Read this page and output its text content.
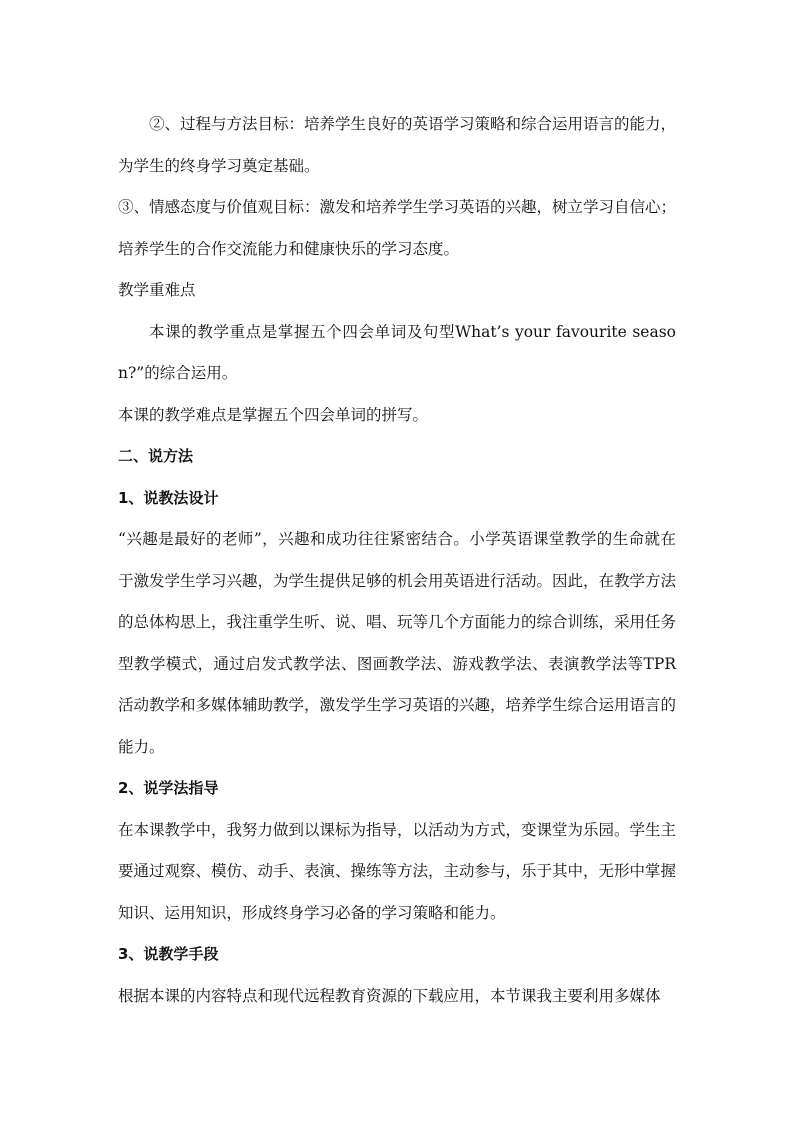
②、过程与方法目标：培养学生良好的英语学习策略和综合运用语言的能力，为学生的终身学习奠定基础。

③、情感态度与价值观目标：激发和培养学生学习英语的兴趣，树立学习自信心；培养学生的合作交流能力和健康快乐的学习态度。

教学重难点

本课的教学重点是掌握五个四会单词及句型What’s your favourite season?”的综合运用。

本课的教学难点是掌握五个四会单词的拼写。

二、说方法

1、说教法设计

“兴趣是最好的老师”，兴趣和成功往往紧密结合。小学英语课堂教学的生命就在于激发学生学习兴趣，为学生提供足够的机会用英语进行活动。因此，在教学方法的总体构思上，我注重学生听、说、唱、玩等几个方面能力的综合训练，采用任务型教学模式，通过启发式教学法、图画教学法、游戏教学法、表演教学法等TPR活动教学和多媒体辅助教学，激发学生学习英语的兴趣，培养学生综合运用语言的能力。

2、说学法指导

在本课教学中，我努力做到以课标为指导，以活动为方式，变课堂为乐园。学生主要通过观察、模仿、动手、表演、操练等方法，主动参与，乐于其中，无形中掌握知识、运用知识，形成终身学习必备的学习策略和能力。

3、说教学手段

根据本课的内容特点和现代远程教育资源的下载应用，本节课我主要利用多媒体
